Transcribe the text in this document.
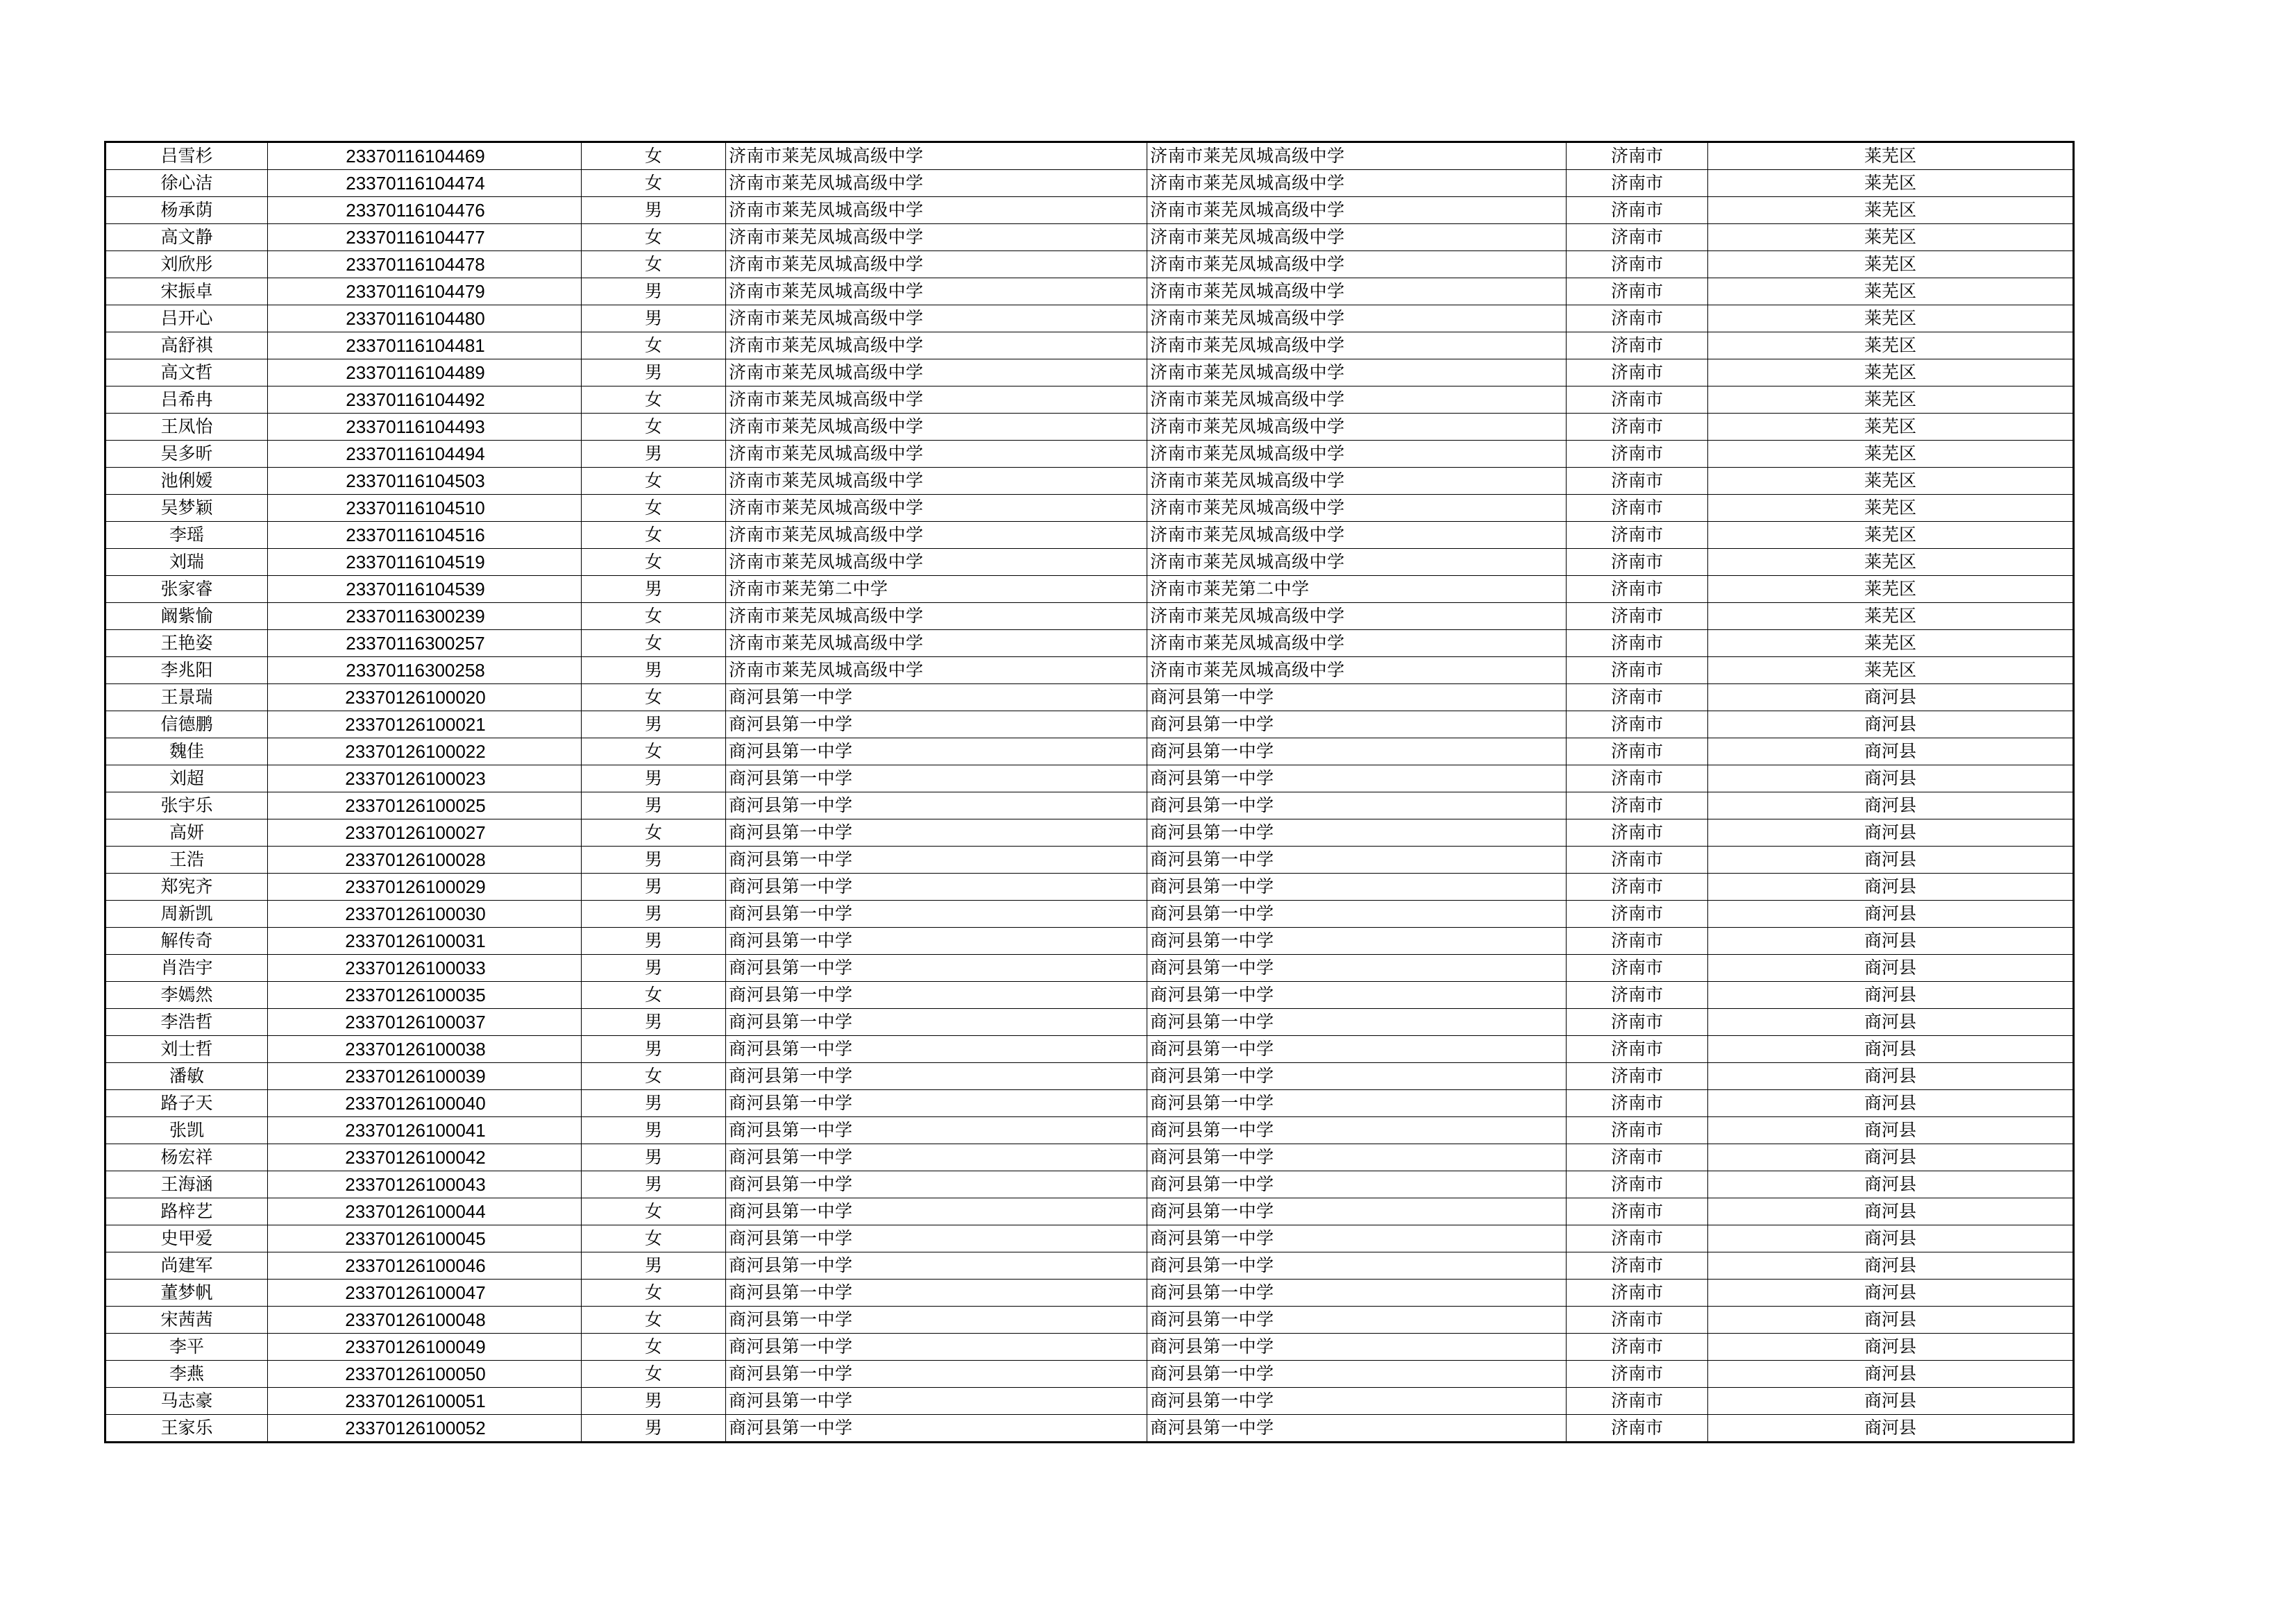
吕雪杉	23370116104469	女	济南市莱芜凤城高级中学	济南市莱芜凤城高级中学	济南市	莱芜区
徐心洁	23370116104474	女	济南市莱芜凤城高级中学	济南市莱芜凤城高级中学	济南市	莱芜区
杨承荫	23370116104476	男	济南市莱芜凤城高级中学	济南市莱芜凤城高级中学	济南市	莱芜区
高文静	23370116104477	女	济南市莱芜凤城高级中学	济南市莱芜凤城高级中学	济南市	莱芜区
刘欣彤	23370116104478	女	济南市莱芜凤城高级中学	济南市莱芜凤城高级中学	济南市	莱芜区
宋振卓	23370116104479	男	济南市莱芜凤城高级中学	济南市莱芜凤城高级中学	济南市	莱芜区
吕开心	23370116104480	男	济南市莱芜凤城高级中学	济南市莱芜凤城高级中学	济南市	莱芜区
高舒祺	23370116104481	女	济南市莱芜凤城高级中学	济南市莱芜凤城高级中学	济南市	莱芜区
高文哲	23370116104489	男	济南市莱芜凤城高级中学	济南市莱芜凤城高级中学	济南市	莱芜区
吕希冉	23370116104492	女	济南市莱芜凤城高级中学	济南市莱芜凤城高级中学	济南市	莱芜区
王凤怡	23370116104493	女	济南市莱芜凤城高级中学	济南市莱芜凤城高级中学	济南市	莱芜区
吴多昕	23370116104494	男	济南市莱芜凤城高级中学	济南市莱芜凤城高级中学	济南市	莱芜区
池俐嫒	23370116104503	女	济南市莱芜凤城高级中学	济南市莱芜凤城高级中学	济南市	莱芜区
吴梦颖	23370116104510	女	济南市莱芜凤城高级中学	济南市莱芜凤城高级中学	济南市	莱芜区
李瑶	23370116104516	女	济南市莱芜凤城高级中学	济南市莱芜凤城高级中学	济南市	莱芜区
刘瑞	23370116104519	女	济南市莱芜凤城高级中学	济南市莱芜凤城高级中学	济南市	莱芜区
张家睿	23370116104539	男	济南市莱芜第二中学	济南市莱芜第二中学	济南市	莱芜区
阚紫愉	23370116300239	女	济南市莱芜凤城高级中学	济南市莱芜凤城高级中学	济南市	莱芜区
王艳姿	23370116300257	女	济南市莱芜凤城高级中学	济南市莱芜凤城高级中学	济南市	莱芜区
李兆阳	23370116300258	男	济南市莱芜凤城高级中学	济南市莱芜凤城高级中学	济南市	莱芜区
王景瑞	23370126100020	女	商河县第一中学	商河县第一中学	济南市	商河县
信德鹏	23370126100021	男	商河县第一中学	商河县第一中学	济南市	商河县
魏佳	23370126100022	女	商河县第一中学	商河县第一中学	济南市	商河县
刘超	23370126100023	男	商河县第一中学	商河县第一中学	济南市	商河县
张宇乐	23370126100025	男	商河县第一中学	商河县第一中学	济南市	商河县
高妍	23370126100027	女	商河县第一中学	商河县第一中学	济南市	商河县
王浩	23370126100028	男	商河县第一中学	商河县第一中学	济南市	商河县
郑宪齐	23370126100029	男	商河县第一中学	商河县第一中学	济南市	商河县
周新凯	23370126100030	男	商河县第一中学	商河县第一中学	济南市	商河县
解传奇	23370126100031	男	商河县第一中学	商河县第一中学	济南市	商河县
肖浩宇	23370126100033	男	商河县第一中学	商河县第一中学	济南市	商河县
李嫣然	23370126100035	女	商河县第一中学	商河县第一中学	济南市	商河县
李浩哲	23370126100037	男	商河县第一中学	商河县第一中学	济南市	商河县
刘士哲	23370126100038	男	商河县第一中学	商河县第一中学	济南市	商河县
潘敏	23370126100039	女	商河县第一中学	商河县第一中学	济南市	商河县
路子天	23370126100040	男	商河县第一中学	商河县第一中学	济南市	商河县
张凯	23370126100041	男	商河县第一中学	商河县第一中学	济南市	商河县
杨宏祥	23370126100042	男	商河县第一中学	商河县第一中学	济南市	商河县
王海涵	23370126100043	男	商河县第一中学	商河县第一中学	济南市	商河县
路梓艺	23370126100044	女	商河县第一中学	商河县第一中学	济南市	商河县
史甲爱	23370126100045	女	商河县第一中学	商河县第一中学	济南市	商河县
尚建军	23370126100046	男	商河县第一中学	商河县第一中学	济南市	商河县
董梦帆	23370126100047	女	商河县第一中学	商河县第一中学	济南市	商河县
宋茜茜	23370126100048	女	商河县第一中学	商河县第一中学	济南市	商河县
李平	23370126100049	女	商河县第一中学	商河县第一中学	济南市	商河县
李燕	23370126100050	女	商河县第一中学	商河县第一中学	济南市	商河县
马志豪	23370126100051	男	商河县第一中学	商河县第一中学	济南市	商河县
王家乐	23370126100052	男	商河县第一中学	商河县第一中学	济南市	商河县
